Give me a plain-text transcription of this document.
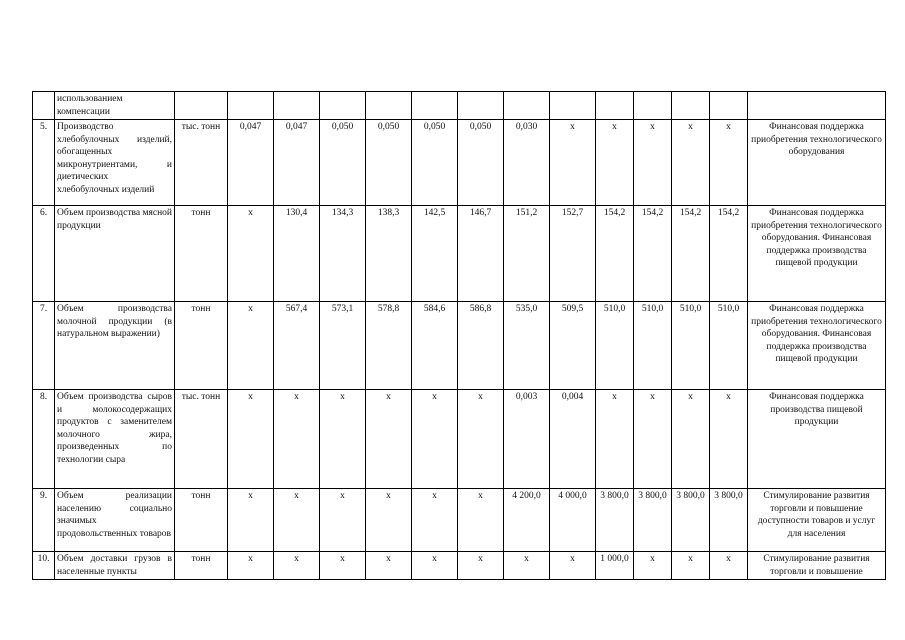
	использованием компенсации														
5.	Производство хлебобулочных изделий, обогащенных микронутриентами, и диетических хлебобулочных изделий	тыс. тонн	0,047	0,047	0,050	0,050	0,050	0,050	0,030	х	х	х	х	х	Финансовая поддержка приобретения технологического оборудования
6.	Объем производства мясной продукции	тонн	х	130,4	134,3	138,3	142,5	146,7	151,2	152,7	154,2	154,2	154,2	154,2	Финансовая поддержка приобретения технологического оборудования. Финансовая поддержка производства пищевой продукции
7.	Объем производства молочной продукции (в натуральном выражении)	тонн	х	567,4	573,1	578,8	584,6	586,8	535,0	509,5	510,0	510,0	510,0	510,0	Финансовая поддержка приобретения технологического оборудования. Финансовая поддержка производства пищевой продукции
8.	Объем производства сыров и молокосодержащих продуктов с заменителем молочного жира, произведенных по технологии сыра	тыс. тонн	х	х	х	х	х	х	0,003	0,004	х	х	х	х	Финансовая поддержка производства пищевой продукции
9.	Объем реализации населению социально значимых продовольственных товаров	тонн	х	х	х	х	х	х	4 200,0	4 000,0	3 800,0	3 800,0	3 800,0	3 800,0	Стимулирование развития торговли и повышение доступности товаров и услуг для населения
10.	Объем доставки грузов в населенные пункты	тонн	х	х	х	х	х	х	х	х	1 000,0	х	х	х	Стимулирование развития торговли и повышение
